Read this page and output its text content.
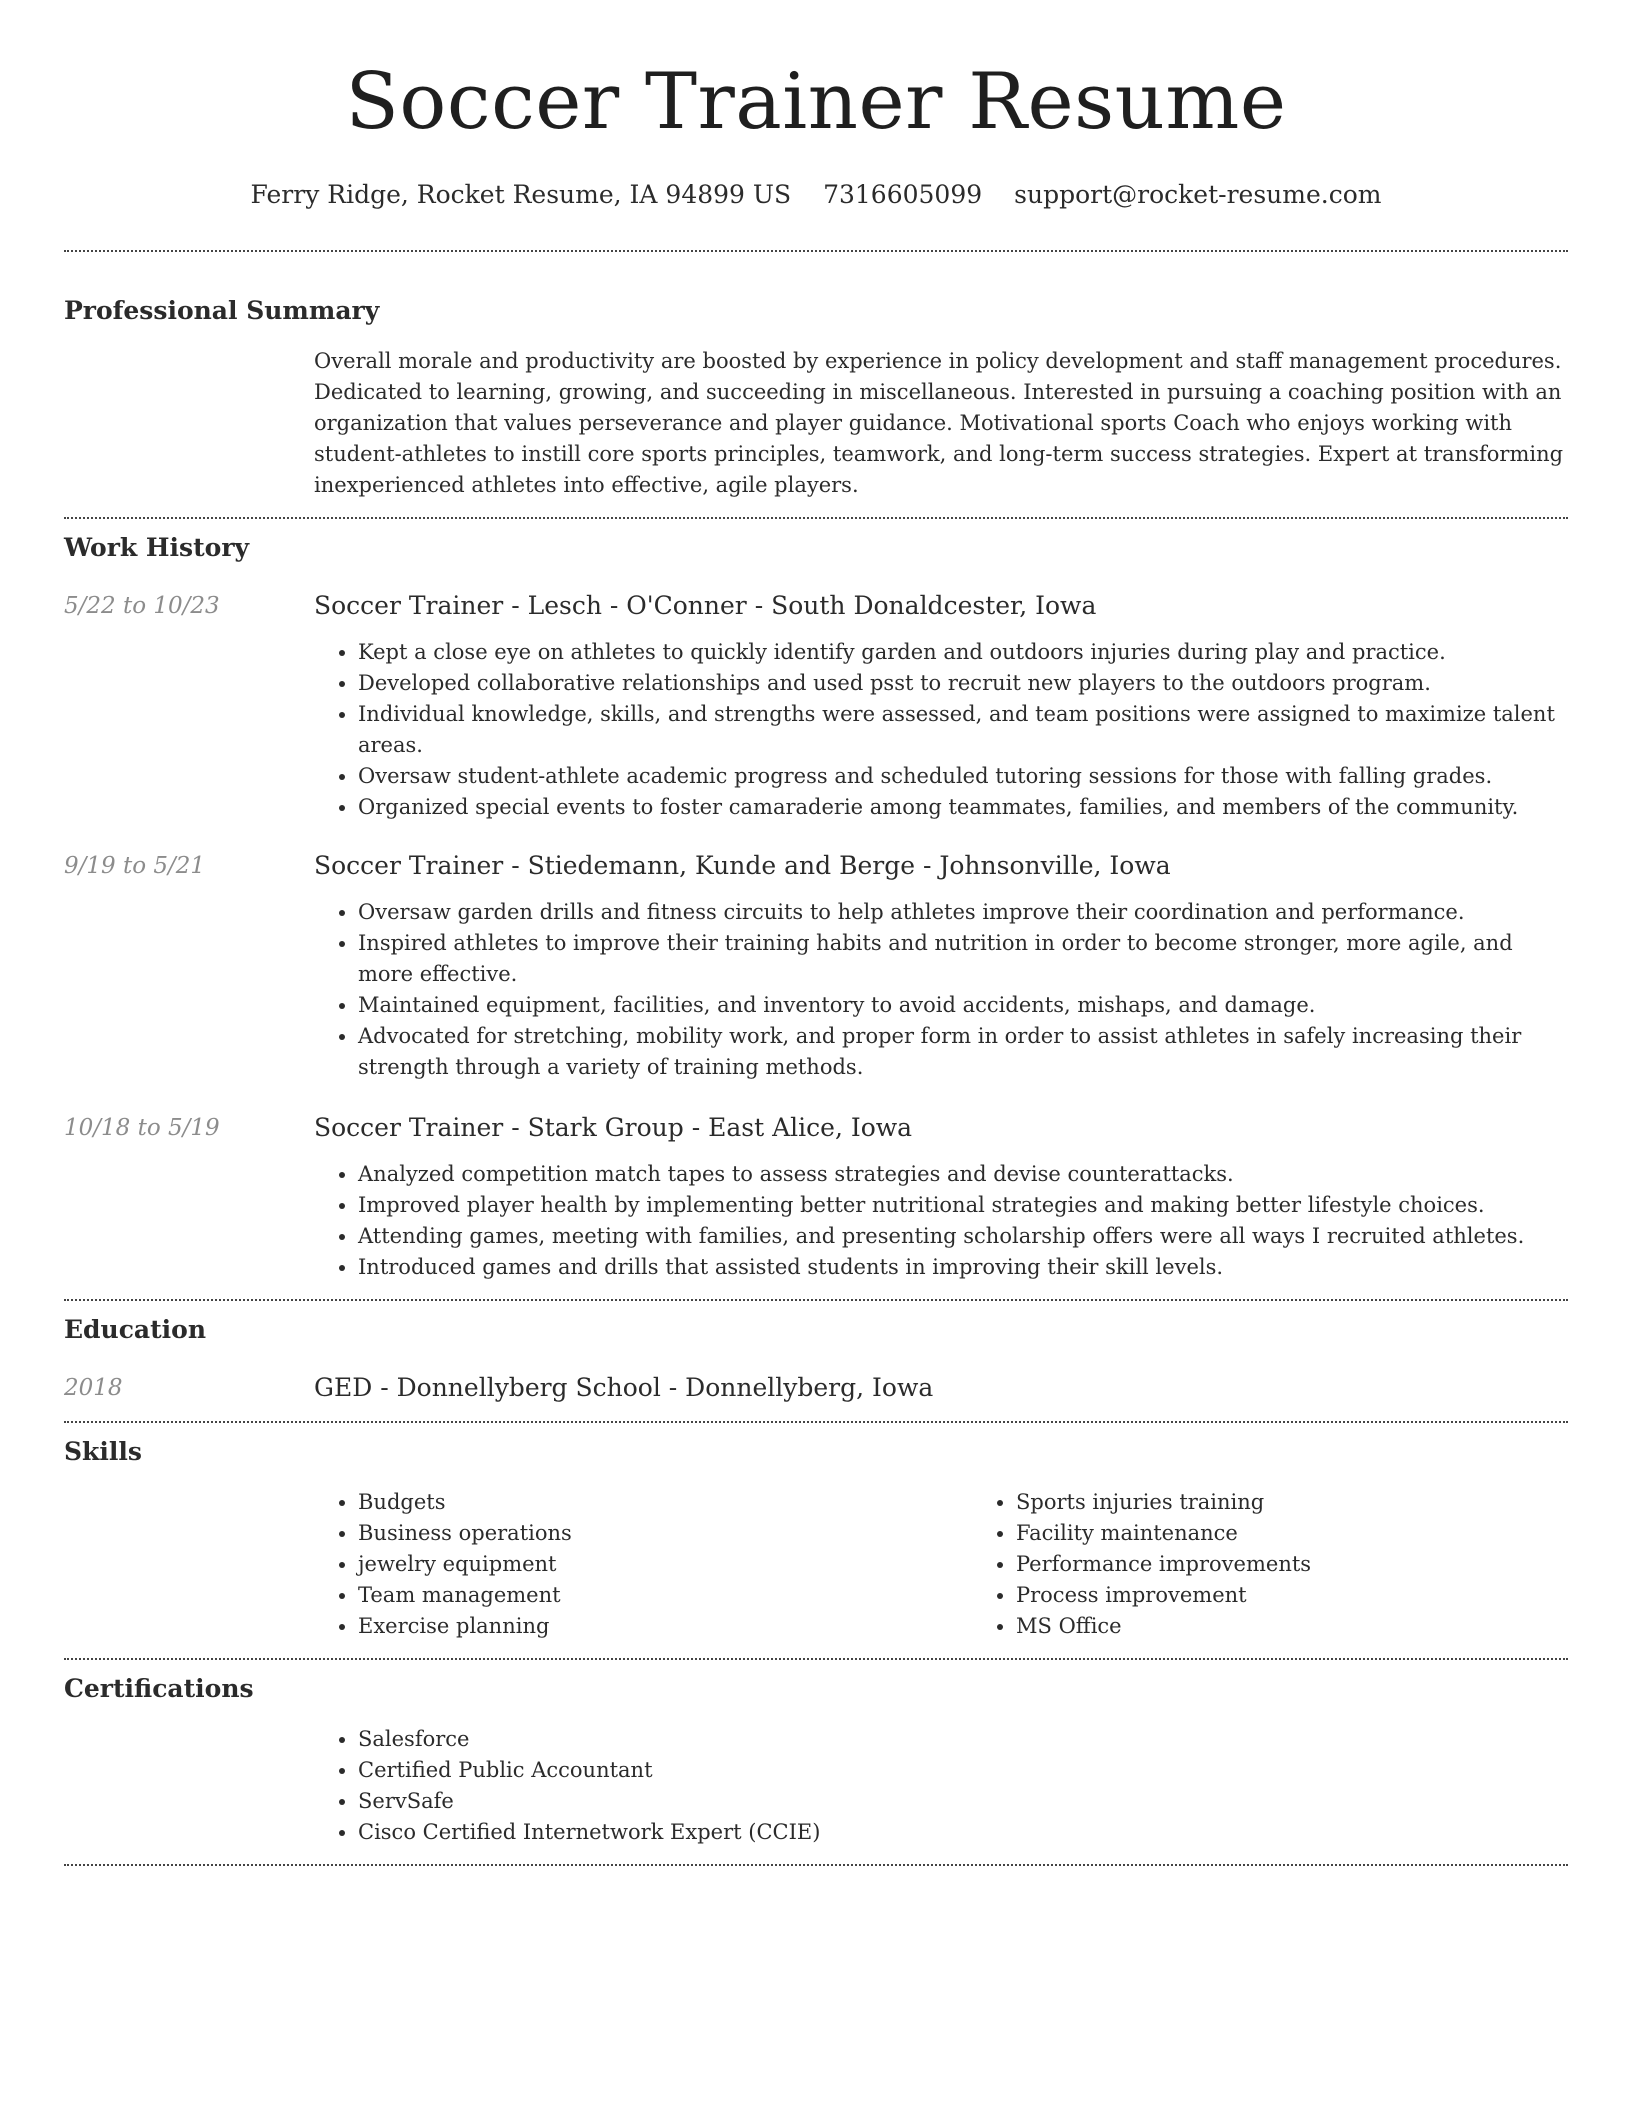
Soccer Trainer Resume
Ferry Ridge, Rocket Resume, IA 94899 US 7316605099 support@rocket-resume.com
Professional Summary

Overall morale and productivity are boosted by experience in policy development and staff management procedures. Dedicated to learning, growing, and succeeding in miscellaneous. Interested in pursuing a coaching position with an organization that values perseverance and player guidance. Motivational sports Coach who enjoys working with student-athletes to instill core sports principles, teamwork, and long-term success strategies. Expert at transforming inexperienced athletes into effective, agile players.

Work History
5/22 to 10/23	Soccer Trainer - Lesch - O'Conner - South Donaldcester, Iowa
• Kept a close eye on athletes to quickly identify garden and outdoors injuries during play and practice.
• Developed collaborative relationships and used psst to recruit new players to the outdoors program.
• Individual knowledge, skills, and strengths were assessed, and team positions were assigned to maximize talent areas.
• Oversaw student-athlete academic progress and scheduled tutoring sessions for those with falling grades.
• Organized special events to foster camaraderie among teammates, families, and members of the community.
9/19 to 5/21	Soccer Trainer - Stiedemann, Kunde and Berge - Johnsonville, Iowa
• Oversaw garden drills and fitness circuits to help athletes improve their coordination and performance.
• Inspired athletes to improve their training habits and nutrition in order to become stronger, more agile, and more effective.
• Maintained equipment, facilities, and inventory to avoid accidents, mishaps, and damage.
• Advocated for stretching, mobility work, and proper form in order to assist athletes in safely increasing their strength through a variety of training methods.
10/18 to 5/19	Soccer Trainer - Stark Group - East Alice, Iowa
• Analyzed competition match tapes to assess strategies and devise counterattacks.
• Improved player health by implementing better nutritional strategies and making better lifestyle choices.
• Attending games, meeting with families, and presenting scholarship offers were all ways I recruited athletes.
• Introduced games and drills that assisted students in improving their skill levels.
Education
2018	GED - Donnellyberg School - Donnellyberg, Iowa
Skills
• Budgets
• Business operations
• jewelry equipment
• Team management
• Exercise planning
• Sports injuries training
• Facility maintenance
• Performance improvements
• Process improvement
• MS Office
Certifications
• Salesforce
• Certified Public Accountant
• ServSafe
• Cisco Certified Internetwork Expert (CCIE)
